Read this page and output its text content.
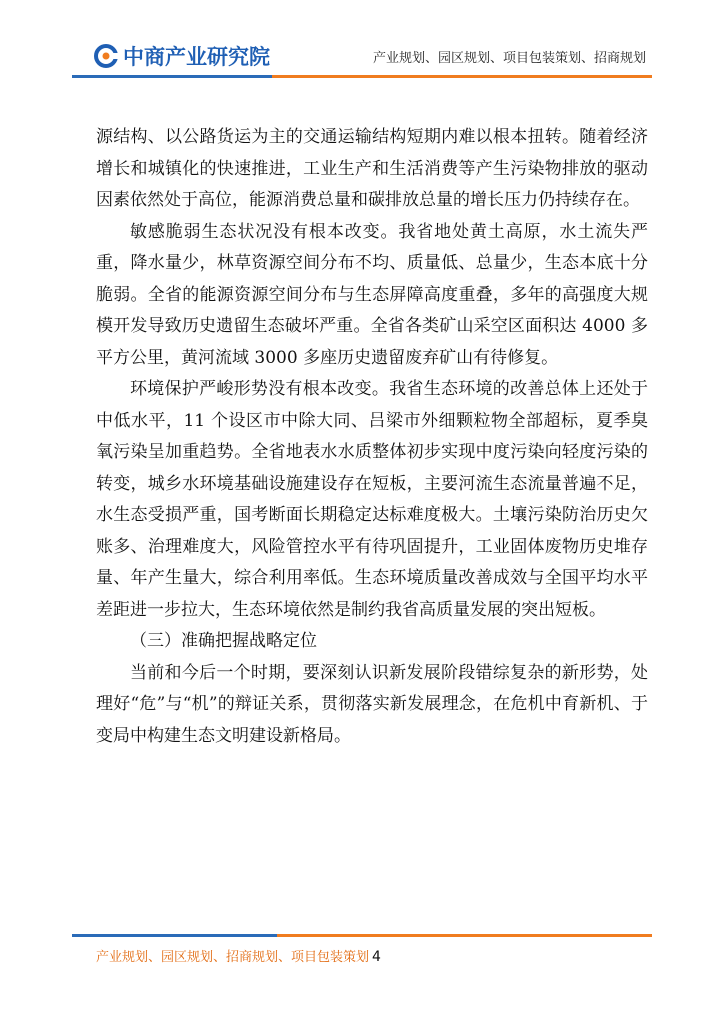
中商产业研究院	产业规划、园区规划、项目包装策划、招商规划

源结构、以公路货运为主的交通运输结构短期内难以根本扭转。随着经济增长和城镇化的快速推进，工业生产和生活消费等产生污染物排放的驱动因素依然处于高位，能源消费总量和碳排放总量的增长压力仍持续存在。

敏感脆弱生态状况没有根本改变。我省地处黄土高原，水土流失严重，降水量少，林草资源空间分布不均、质量低、总量少，生态本底十分脆弱。全省的能源资源空间分布与生态屏障高度重叠，多年的高强度大规模开发导致历史遗留生态破坏严重。全省各类矿山采空区面积达 4000 多平方公里，黄河流域 3000 多座历史遗留废弃矿山有待修复。

环境保护严峻形势没有根本改变。我省生态环境的改善总体上还处于中低水平，11 个设区市中除大同、吕梁市外细颗粒物全部超标，夏季臭氧污染呈加重趋势。全省地表水水质整体初步实现中度污染向轻度污染的转变，城乡水环境基础设施建设存在短板，主要河流生态流量普遍不足，水生态受损严重，国考断面长期稳定达标难度极大。土壤污染防治历史欠账多、治理难度大，风险管控水平有待巩固提升，工业固体废物历史堆存量、年产生量大，综合利用率低。生态环境质量改善成效与全国平均水平差距进一步拉大，生态环境依然是制约我省高质量发展的突出短板。

（三）准确把握战略定位

当前和今后一个时期，要深刻认识新发展阶段错综复杂的新形势，处理好“危”与“机”的辩证关系，贯彻落实新发展理念，在危机中育新机、于变局中构建生态文明建设新格局。

产业规划、园区规划、招商规划、项目包装策划 4
